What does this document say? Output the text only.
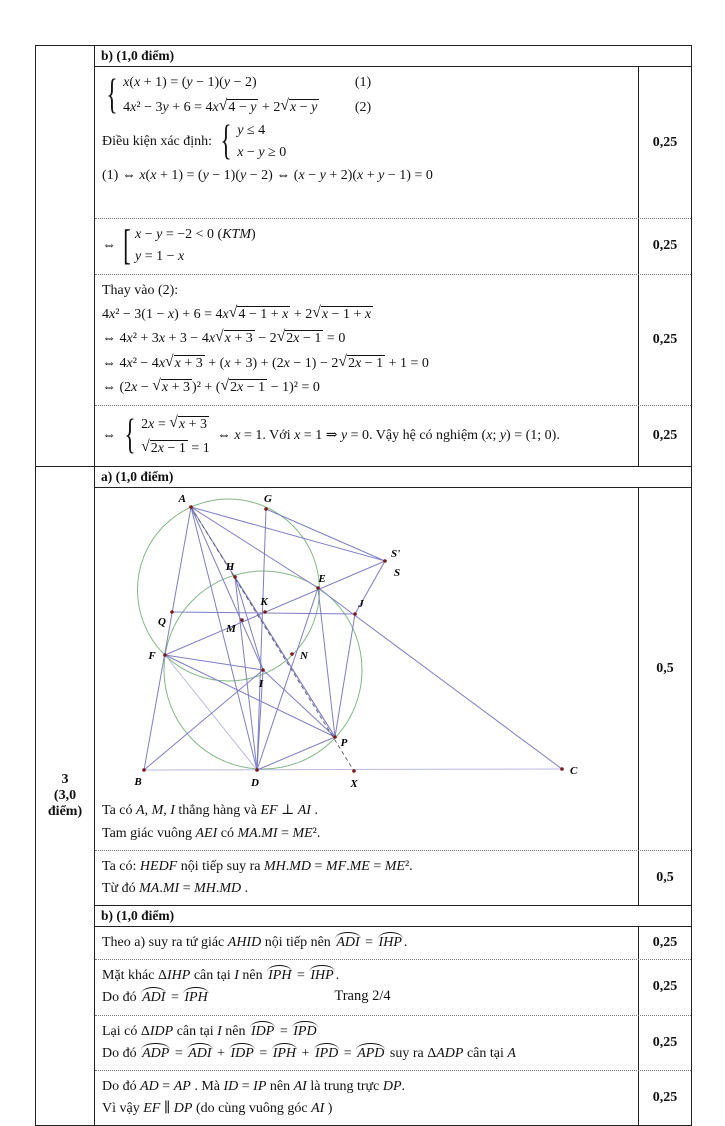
b) (1,0 điểm)
{ x(x + 1) = (y − 1)(y − 2)	(1)
4x² − 3y + 6 = 4x√4 − y + 2√x − y	(2)
Điều kiện xác định: { y ≤ 4
x − y ≥ 0
(1) ⇔ x(x + 1) = (y − 1)(y − 2) ⇔ (x − y + 2)(x + y − 1) = 0
0,25
⇔ [ x − y = −2 < 0 (KTM)
y = 1 − x
0,25
Thay vào (2):
4x² − 3(1 − x) + 6 = 4x√4 − 1 + x + 2√x − 1 + x
⇔ 4x² + 3x + 3 − 4x√x + 3 − 2√2x − 1 = 0
⇔ 4x² − 4x√x + 3 + (x + 3) + (2x − 1) − 2√2x − 1 + 1 = 0
⇔ (2x − √x + 3 )² + (√2x − 1 − 1)² = 0
0,25
⇔ { 2x = √x + 3
√2x − 1 = 1
⇔ x = 1. Với x = 1 ⇒ y = 0. Vậy hệ có nghiệm (x; y) = (1; 0).	0,25
3
(3,0 điểm)
a) (1,0 điểm)
A	G
S'
H
E
K	J
Q
M
F	N
I
P
B	D	X
C
S
Ta có A, M, I thẳng hàng và EF ⊥ AI .
Tam giác vuông AEI có MA.MI = ME².
0,5
Ta có: HEDF nội tiếp suy ra MH.MD = MF.ME = ME².
Từ đó MA.MI = MH.MD .
0,5
b) (1,0 điểm)
Theo a) suy ra tứ giác AHID nội tiếp nên ADI = IHP .	0,25
Mặt khác ΔIHP cân tại I nên IPH = IHP .
Do đó ADI = IPH
0,25
Lại có ΔIDP cân tại I nên IDP = IPD
Do đó ADP = ADI + IDP = IPH + IPD = APD suy ra ΔADP cân tại A
0,25
Do đó AD = AP . Mà ID = IP nên AI là trung trực DP.
Vì vậy EF ∥ DP (do cùng vuông góc AI )
0,25
Trang 2/4
